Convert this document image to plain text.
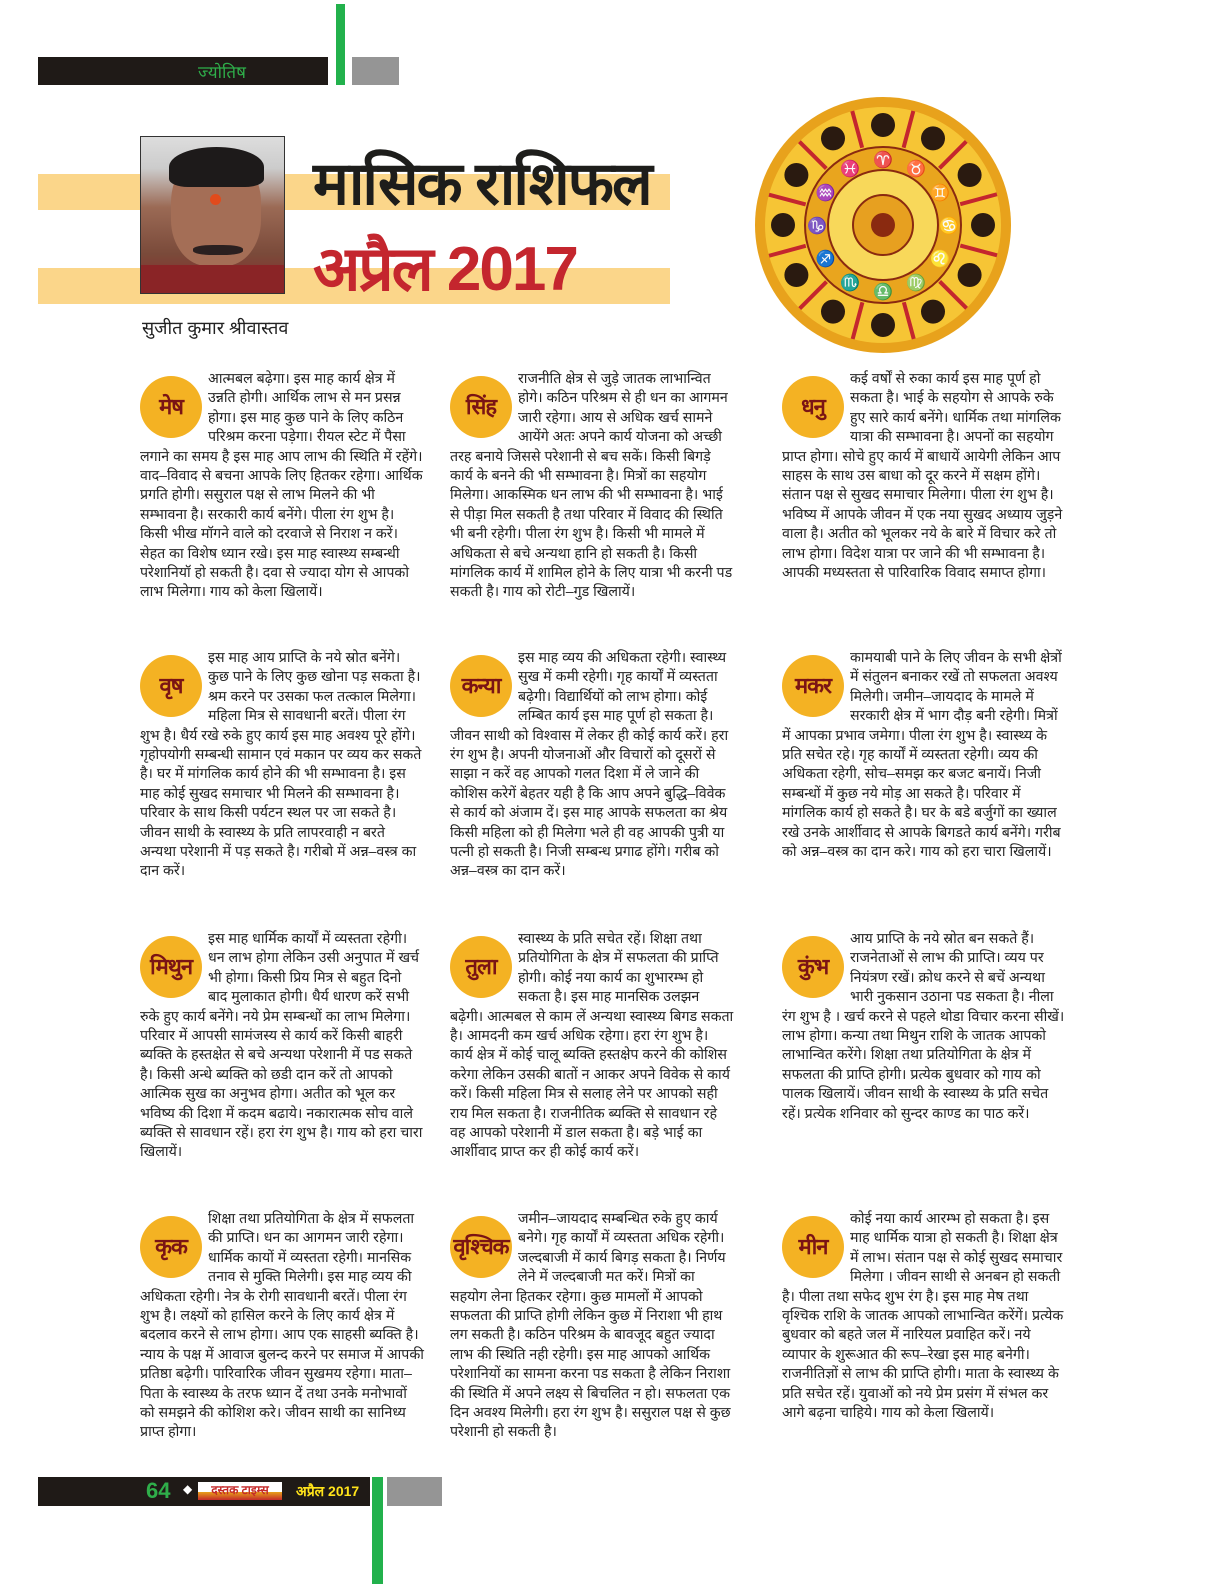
ज्योतिष
मासिक राशिफल
अप्रैल 2017
सुजीत कुमार श्रीवास्तव
♈
♉
♊
♋
♌
♍
♎
♏
♐
♑
♒
♓
मेष
आत्मबल बढ़ेगा। इस माह कार्य क्षेत्र में उन्नति होगी। आर्थिक लाभ से मन प्रसन्न होगा। इस माह कुछ पाने के लिए कठिन परिश्रम करना पड़ेगा। रीयल स्टेट में पैसा लगाने का समय है इस माह आप लाभ की स्थिति में रहेंगे। वाद–विवाद से बचना आपके लिए हितकर रहेगा। आर्थिक प्रगति होगी। ससुराल पक्ष से लाभ मिलने की भी सम्भावना है। सरकारी कार्य बनेंगे। पीला रंग शुभ है। किसी भीख मॉगने वाले को दरवाजे से निराश न करें। सेहत का विशेष ध्यान रखे। इस माह स्वास्थ्य सम्बन्धी परेशानियॉ हो सकती है। दवा से ज्यादा योग से आपको लाभ मिलेगा। गाय को केला खिलायें।
सिंह
राजनीति क्षेत्र से जुड़े जातक लाभान्वित होगे। कठिन परिश्रम से ही धन का आगमन जारी रहेगा। आय से अधिक खर्च सामने आयेंगे अतः अपने कार्य योजना को अच्छी तरह बनाये जिससे परेशानी से बच सकें। किसी बिगड़े कार्य के बनने की भी सम्भावना है। मित्रों का सहयोग मिलेगा। आकस्मिक धन लाभ की भी सम्भावना है। भाई से पीड़ा मिल सकती है तथा परिवार में विवाद की स्थिति भी बनी रहेगी। पीला रंग शुभ है। किसी भी मामले में अधिकता से बचे अन्यथा हानि हो सकती है। किसी मांगलिक कार्य में शामिल होने के लिए यात्रा भी करनी पड सकती है। गाय को रोटी–गुड खिलायें।
धनु
कई वर्षों से रुका कार्य इस माह पूर्ण हो सकता है। भाई के सहयोग से आपके रुके हुए सारे कार्य बनेंगे। धार्मिक तथा मांगलिक यात्रा की सम्भावना है। अपनों का सहयोग प्राप्त होगा। सोचे हुए कार्य में बाधायें आयेगी लेकिन आप साहस के साथ उस बाधा को दूर करने में सक्षम होंगे। संतान पक्ष से सुखद समाचार मिलेगा। पीला रंग शुभ है। भविष्य में आपके जीवन में एक नया सुखद अध्याय जुड़ने वाला है। अतीत को भूलकर नये के बारे में विचार करे तो लाभ होगा। विदेश यात्रा पर जाने की भी सम्भावना है। आपकी मध्यस्तता से पारिवारिक विवाद समाप्त होगा।
वृष
इस माह आय प्राप्ति के नये स्रोत बनेंगे। कुछ पाने के लिए कुछ खोना पड़ सकता है। श्रम करने पर उसका फल तत्काल मिलेगा। महिला मित्र से सावधानी बरतें। पीला रंग शुभ है। धैर्य रखे रुके हुए कार्य इस माह अवश्य पूरे होंगे। गृहोपयोगी सम्बन्धी सामान एवं मकान पर व्यय कर सकते है। घर में मांगलिक कार्य होने की भी सम्भावना है। इस माह कोई सुखद समाचार भी मिलने की सम्भावना है। परिवार के साथ किसी पर्यटन स्थल पर जा सकते है। जीवन साथी के स्वास्थ्य के प्रति लापरवाही न बरते अन्यथा परेशानी में पड़ सकते है। गरीबो में अन्न–वस्त्र का दान करें।
कन्या
इस माह व्यय की अधिकता रहेगी। स्वास्थ्य सुख में कमी रहेगी। गृह कार्यों में व्यस्तता बढ़ेगी। विद्यार्थियों को लाभ होगा। कोई लम्बित कार्य इस माह पूर्ण हो सकता है। जीवन साथी को विश्वास में लेकर ही कोई कार्य करें। हरा रंग शुभ है। अपनी योजनाओं और विचारों को दूसरों से साझा न करें वह आपको गलत दिशा में ले जाने की कोशिस करेगें बेहतर यही है कि आप अपने बुद्धि–विवेक से कार्य को अंजाम दें। इस माह आपके सफलता का श्रेय किसी महिला को ही मिलेगा भले ही वह आपकी पुत्री या पत्नी हो सकती है। निजी सम्बन्ध प्रगाढ होंगे। गरीब को अन्न–वस्त्र का दान करें।
मकर
कामयाबी पाने के लिए जीवन के सभी क्षेत्रों में संतुलन बनाकर रखें तो सफलता अवश्य मिलेगी। जमीन–जायदाद के मामले में सरकारी क्षेत्र में भाग दौड़ बनी रहेगी। मित्रों में आपका प्रभाव जमेगा। पीला रंग शुभ है। स्वास्थ्य के प्रति सचेत रहे। गृह कार्यों में व्यस्तता रहेगी। व्यय की अधिकता रहेगी, सोच–समझ कर बजट बनायें। निजी सम्बन्धों में कुछ नये मोड़ आ सकते है। परिवार में मांगलिक कार्य हो सकते है। घर के बडे बर्जुगों का ख्याल रखे उनके आर्शीवाद से आपके बिगडते कार्य बनेंगे। गरीब को अन्न–वस्त्र का दान करे। गाय को हरा चारा खिलायें।
मिथुन
इस माह धार्मिक कार्यों में व्यस्तता रहेगी। धन लाभ होगा लेकिन उसी अनुपात में खर्च भी होगा। किसी प्रिय मित्र से बहुत दिनो बाद मुलाकात होगी। धैर्य धारण करें सभी रुके हुए कार्य बनेंगे। नये प्रेम सम्बन्धों का लाभ मिलेगा। परिवार में आपसी सामंजस्य से कार्य करें किसी बाहरी ब्यक्ति के हस्तक्षेत से बचे अन्यथा परेशानी में पड सकते है। किसी अन्धे ब्यक्ति को छडी दान करें तो आपको आत्मिक सुख का अनुभव होगा। अतीत को भूल कर भविष्य की दिशा में कदम बढाये। नकारात्मक सोच वाले ब्यक्ति से सावधान रहें। हरा रंग शुभ है। गाय को हरा चारा खिलायें।
तुला
स्वास्थ्य के प्रति सचेत रहें। शिक्षा तथा प्रतियोगिता के क्षेत्र में सफलता की प्राप्ति होगी। कोई नया कार्य का शुभारम्भ हो सकता है। इस माह मानसिक उलझन बढ़ेगी। आत्मबल से काम लें अन्यथा स्वास्थ्य बिगड सकता है। आमदनी कम खर्च अधिक रहेगा। हरा रंग शुभ है। कार्य क्षेत्र में कोई चालू ब्यक्ति हस्तक्षेप करने की कोशिस करेगा लेकिन उसकी बातों न आकर अपने विवेक से कार्य करें। किसी महिला मित्र से सलाह लेने पर आपको सही राय मिल सकता है। राजनीतिक ब्यक्ति से सावधान रहे वह आपको परेशानी में डाल सकता है। बड़े भाई का आर्शीवाद प्राप्त कर ही कोई कार्य करें।
कुंभ
आय प्राप्ति के नये स्रोत बन सकते हैं। राजनेताओं से लाभ की प्राप्ति। व्यय पर नियंत्रण रखें। क्रोध करने से बचें अन्यथा भारी नुकसान उठाना पड सकता है। नीला रंग शुभ है । खर्च करने से पहले थोडा विचार करना सीखें। लाभ होगा। कन्या तथा मिथुन राशि के जातक आपको लाभान्वित करेंगे। शिक्षा तथा प्रतियोगिता के क्षेत्र में सफलता की प्राप्ति होगी। प्रत्येक बुधवार को गाय को पालक खिलायें। जीवन साथी के स्वास्थ्य के प्रति सचेत रहें। प्रत्येक शनिवार को सुन्दर काण्ड का पाठ करें।
कृक
शिक्षा तथा प्रतियोगिता के क्षेत्र में सफलता की प्राप्ति। धन का आगमन जारी रहेगा। धार्मिक कायों में व्यस्तता रहेगी। मानसिक तनाव से मुक्ति मिलेगी। इस माह व्यय की अधिकता रहेगी। नेत्र के रोगी सावधानी बरतें। पीला रंग शुभ है। लक्ष्यों को हासिल करने के लिए कार्य क्षेत्र में बदलाव करने से लाभ होगा। आप एक साहसी ब्यक्ति है। न्याय के पक्ष में आवाज बुलन्द करने पर समाज में आपकी प्रतिष्ठा बढ़ेगी। पारिवारिक जीवन सुखमय रहेगा। माता–पिता के स्वास्थ्य के तरफ ध्यान दें तथा उनके मनोभावों को समझने की कोशिश करे। जीवन साथी का सानिध्य प्राप्त होगा।
वृश्चिक
जमीन–जायदाद सम्बन्धित रुके हुए कार्य बनेगे। गृह कार्यों में व्यस्तता अधिक रहेगी। जल्दबाजी में कार्य बिगड़ सकता है। निर्णय लेने में जल्दबाजी मत करें। मित्रों का सहयोग लेना हितकर रहेगा। कुछ मामलों में आपको सफलता की प्राप्ति होगी लेकिन कुछ में निराशा भी हाथ लग सकती है। कठिन परिश्रम के बावजूद बहुत ज्यादा लाभ की स्थिति नही रहेगी। इस माह आपको आर्थिक परेशानियों का सामना करना पड सकता है लेकिन निराशा की स्थिति में अपने लक्ष्य से बिचलित न हो। सफलता एक दिन अवश्य मिलेगी। हरा रंग शुभ है। ससुराल पक्ष से कुछ परेशानी हो सकती है।
मीन
कोई नया कार्य आरम्भ हो सकता है। इस माह धार्मिक यात्रा हो सकती है। शिक्षा क्षेत्र में लाभ। संतान पक्ष से कोई सुखद समाचार मिलेगा । जीवन साथी से अनबन हो सकती है। पीला तथा सफेद शुभ रंग है। इस माह मेष तथा वृश्चिक राशि के जातक आपको लाभान्वित करेंगें। प्रत्येक बुधवार को बहते जल में नारियल प्रवाहित करें। नये व्यापार के शुरूआत की रूप–रेखा इस माह बनेगी। राजनीतिज्ञों से लाभ की प्राप्ति होगी। माता के स्वास्थ्य के प्रति सचेत रहें। युवाओं को नये प्रेम प्रसंग में संभल कर आगे बढ़ना चाहिये। गाय को केला खिलायें।
64 ◆	दस्तक टाइम्स	अप्रैल 2017
